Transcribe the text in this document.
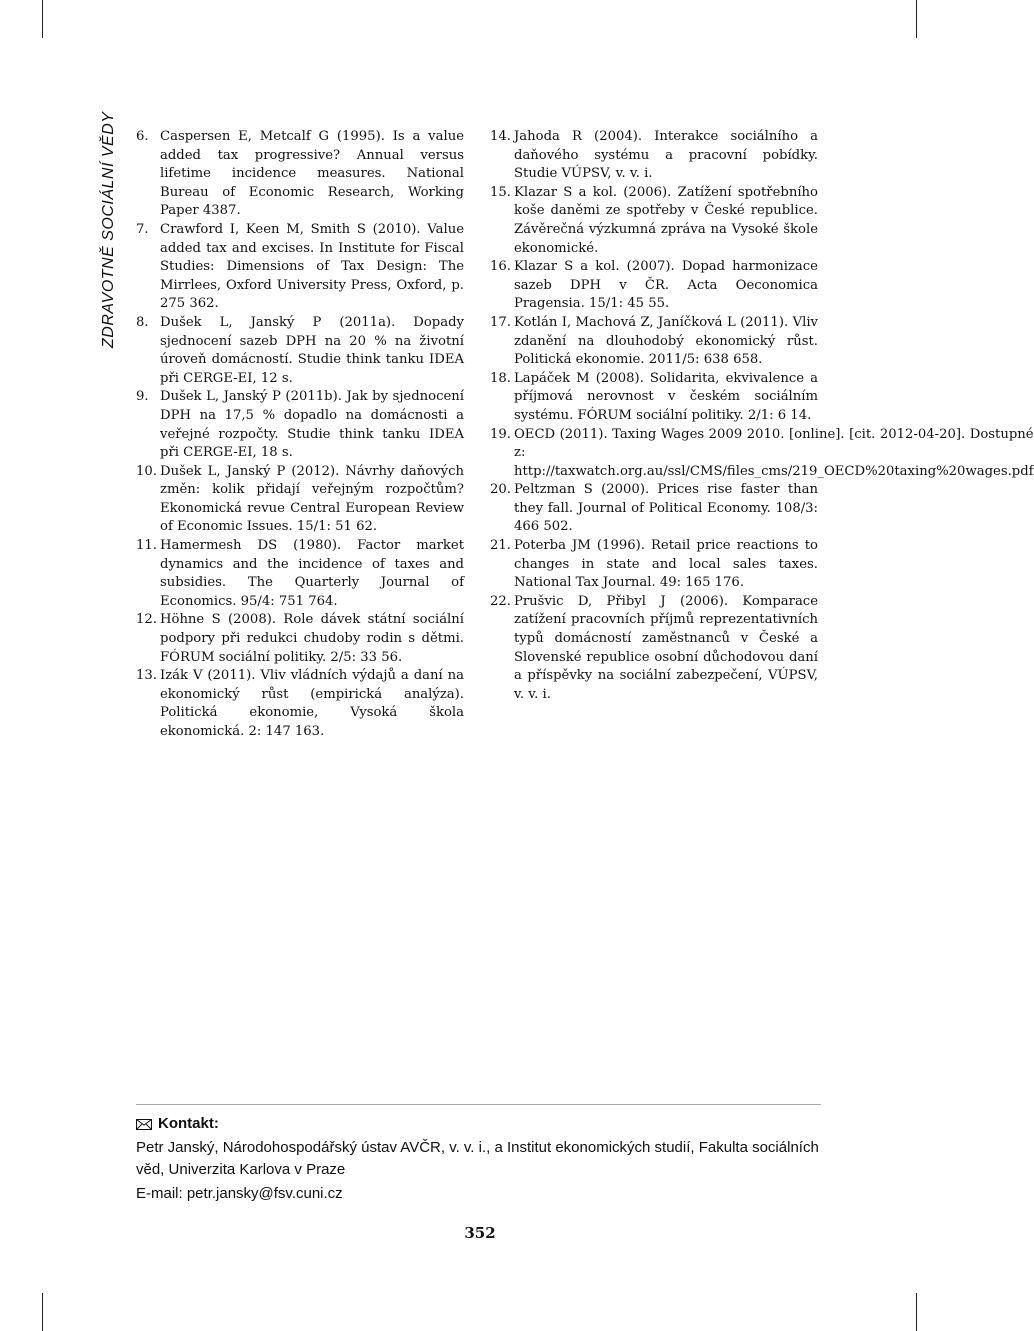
ZDRAVOTNĚ SOCIÁLNÍ VĚDY 6. Caspersen E, Metcalf G (1995). Is a value added tax progressive? Annual versus lifetime incidence measures. National Bureau of Economic Research, Working Paper 4387.
7. Crawford I, Keen M, Smith S (2010). Value added tax and excises. In Institute for Fiscal Studies: Dimensions of Tax Design: The Mirrlees, Oxford University Press, Oxford, p. 275 362.
8. Dušek L, Janský P (2011a). Dopady sjednocení sazeb DPH na 20 % na životní úroveň domácností. Studie think tanku IDEA při CERGE-EI, 12 s.
9. Dušek L, Janský P (2011b). Jak by sjednocení DPH na 17,5 % dopadlo na domácnosti a veřejné rozpočty. Studie think tanku IDEA při CERGE-EI, 18 s.
10. Dušek L, Janský P (2012). Návrhy daňových změn: kolik přidají veřejným rozpočtům? Ekonomická revue Central European Review of Economic Issues. 15/1: 51 62.
11. Hamermesh DS (1980). Factor market dynamics and the incidence of taxes and subsidies. The Quarterly Journal of Economics. 95/4: 751 764.
12. Höhne S (2008). Role dávek státní sociální podpory při redukci chudoby rodin s dětmi. FÓRUM sociální politiky. 2/5: 33 56.
13. Izák V (2011). Vliv vládních výdajů a daní na ekonomický růst (empirická analýza). Politická ekonomie, Vysoká škola ekonomická. 2: 147 163.
14. Jahoda R (2004). Interakce sociálního a daňového systému a pracovní pobídky. Studie VÚPSV, v. v. i.
15. Klazar S a kol. (2006). Zatížení spotřebního koše daněmi ze spotřeby v České republice. Závěrečná výzkumná zpráva na Vysoké škole ekonomické.
16. Klazar S a kol. (2007). Dopad harmonizace sazeb DPH v ČR. Acta Oeconomica Pragensia. 15/1: 45 55.
17. Kotlán I, Machová Z, Janíčková L (2011). Vliv zdanění na dlouhodobý ekonomický růst. Politická ekonomie. 2011/5: 638 658.
18. Lapáček M (2008). Solidarita, ekvivalence a příjmová nerovnost v českém sociálním systému. FÓRUM sociální politiky. 2/1: 6 14.
19. OECD (2011). Taxing Wages 2009 2010. [online]. [cit. 2012-04-20]. Dostupné z: http://taxwatch.org.au/ssl/CMS/files_cms/219_OECD%20taxing%20wages.pdf
20. Peltzman S (2000). Prices rise faster than they fall. Journal of Political Economy. 108/3: 466 502.
21. Poterba JM (1996). Retail price reactions to changes in state and local sales taxes. National Tax Journal. 49: 165 176.
22. Prušvic D, Přibyl J (2006). Komparace zatížení pracovních příjmů reprezentativních typů domácností zaměstnanců v České a Slovenské republice osobní důchodovou daní a příspěvky na sociální zabezpečení, VÚPSV, v. v. i.
Kontakt:
Petr Janský, Národohospodářský ústav AVČR, v. v. i., a Institut ekonomických studií, Fakulta sociálních věd, Univerzita Karlova v Praze
E-mail: petr.jansky@fsv.cuni.cz
352
